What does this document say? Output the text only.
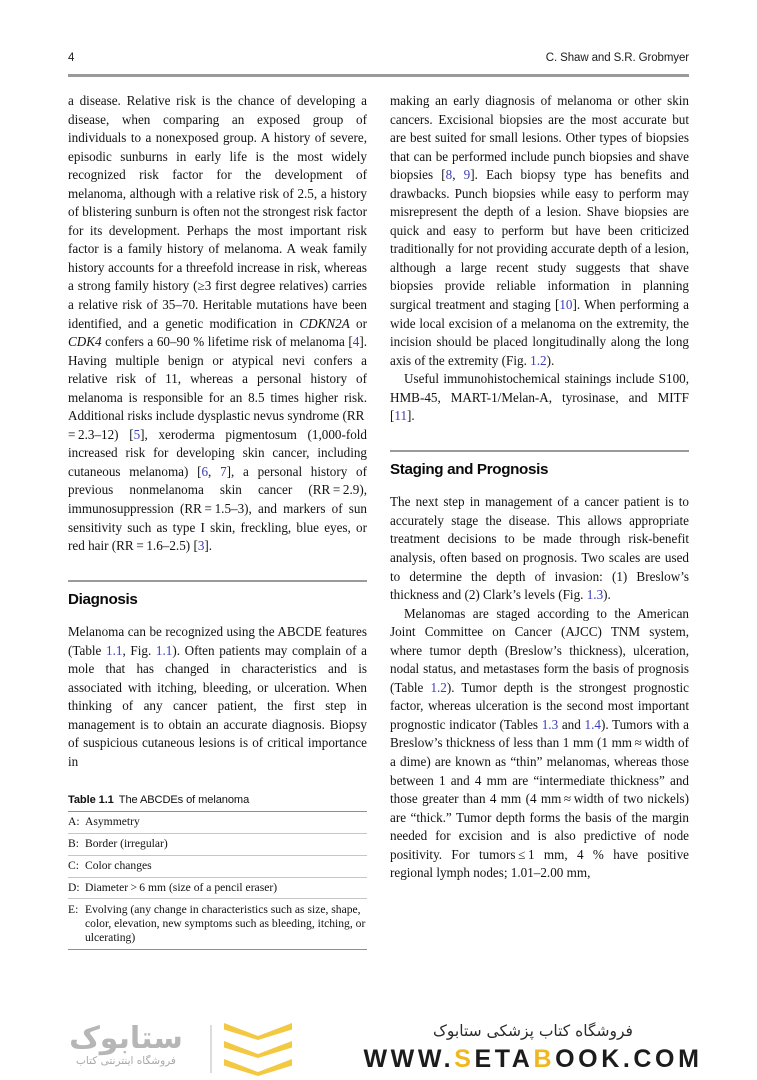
4	C. Shaw and S.R. Grobmyer

a disease. Relative risk is the chance of developing a disease, when comparing an exposed group of individuals to a nonexposed group. A history of severe, episodic sunburns in early life is the most widely recognized risk factor for the development of melanoma, although with a relative risk of 2.5, a history of blistering sunburn is often not the strongest risk factor for its development. Perhaps the most important risk factor is a family history of melanoma. A weak family history accounts for a threefold increase in risk, whereas a strong family history (≥3 first degree relatives) carries a relative risk of 35–70. Heritable mutations have been identified, and a genetic modification in CDKN2A or CDK4 confers a 60–90 % lifetime risk of melanoma [4]. Having multiple benign or atypical nevi confers a relative risk of 11, whereas a personal history of melanoma is responsible for an 8.5 times higher risk. Additional risks include dysplastic nevus syndrome (RR = 2.3–12) [5], xeroderma pigmentosum (1,000-fold increased risk for developing skin cancer, including cutaneous melanoma) [6, 7], a personal history of previous nonmelanoma skin cancer (RR = 2.9), immunosuppression (RR = 1.5–3), and markers of sun sensitivity such as type I skin, freckling, blue eyes, or red hair (RR = 1.6–2.5) [3].

Diagnosis

Melanoma can be recognized using the ABCDE features (Table 1.1, Fig. 1.1). Often patients may complain of a mole that has changed in characteristics and is associated with itching, bleeding, or ulceration. When thinking of any cancer patient, the first step in management is to obtain an accurate diagnosis. Biopsy of suspicious cutaneous lesions is of critical importance in

Table 1.1 The ABCDEs of melanoma
A:	Asymmetry
B:	Border (irregular)
C:	Color changes
D:	Diameter > 6 mm (size of a pencil eraser)
E:	Evolving (any change in characteristics such as size, shape, color, elevation, new symptoms such as bleeding, itching, or ulcerating)

making an early diagnosis of melanoma or other skin cancers. Excisional biopsies are the most accurate but are best suited for small lesions. Other types of biopsies that can be performed include punch biopsies and shave biopsies [8, 9]. Each biopsy type has benefits and drawbacks. Punch biopsies while easy to perform may misrepresent the depth of a lesion. Shave biopsies are quick and easy to perform but have been criticized traditionally for not providing accurate depth of a lesion, although a large recent study suggests that shave biopsies provide reliable information in planning surgical treatment and staging [10]. When performing a wide local excision of a melanoma on the extremity, the incision should be placed longitudinally along the long axis of the extremity (Fig. 1.2).

Useful immunohistochemical stainings include S100, HMB-45, MART-1/Melan-A, tyrosinase, and MITF [11].

Staging and Prognosis

The next step in management of a cancer patient is to accurately stage the disease. This allows appropriate treatment decisions to be made through risk-benefit analysis, often based on prognosis. Two scales are used to determine the depth of invasion: (1) Breslow’s thickness and (2) Clark’s levels (Fig. 1.3).

Melanomas are staged according to the American Joint Committee on Cancer (AJCC) TNM system, where tumor depth (Breslow’s thickness), ulceration, nodal status, and metastases form the basis of prognosis (Table 1.2). Tumor depth is the strongest prognostic factor, whereas ulceration is the second most important prognostic indicator (Tables 1.3 and 1.4). Tumors with a Breslow’s thickness of less than 1 mm (1 mm ≈ width of a dime) are known as “thin” melanomas, whereas those between 1 and 4 mm are “intermediate thickness” and those greater than 4 mm (4 mm ≈ width of two nickels) are “thick.” Tumor depth forms the basis of the margin needed for excision and is also predictive of node positivity. For tumors ≤ 1 mm, 4 % have positive regional lymph nodes; 1.01–2.00 mm,

ستابوک
فروشگاه اینترنتی کتاب
فروشگاه کتاب پزشکی ستابوک
WWW.SETABOOK.COM
